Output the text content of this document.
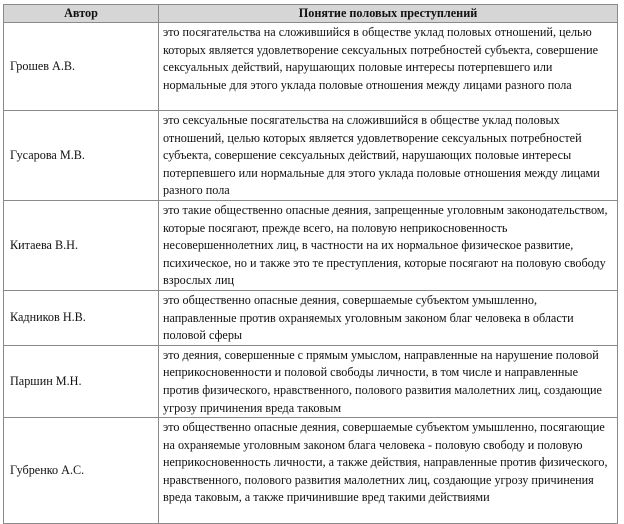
Автор	Понятие половых преступлений
Грошев А.В.	это посягательства на сложившийся в обществе уклад половых отношений, целью которых является удовлетворение сексуальных потребностей субъекта, совершение сексуальных действий, нарушающих половые интересы потерпевшего или нормальные для этого уклада половые отношения между лицами разного пола
Гусарова М.В.	это сексуальные посягательства на сложившийся в обществе уклад половых отношений, целью которых является удовлетворение сексуальных потребностей субъекта, совершение сексуальных действий, нарушающих половые интересы потерпевшего или нормальные для этого уклада половые отношения между лицами разного пола
Китаева В.Н.	это такие общественно опасные деяния, запрещенные уголовным законодательством, которые посягают, прежде всего, на половую неприкосновенность несовершеннолетних лиц, в частности на их нормальное физическое развитие, психическое, но и также это те преступления, которые посягают на половую свободу взрослых лиц
Кадников Н.В.	это общественно опасные деяния, совершаемые субъектом умышленно, направленные против охраняемых уголовным законом благ человека в области половой сферы
Паршин М.Н.	это деяния, совершенные с прямым умыслом, направленные на нарушение половой неприкосновенности и половой свободы личности, в том числе и направленные против физического, нравственного, полового развития малолетних лиц, создающие угрозу причинения вреда таковым
Губренко А.С.	это общественно опасные деяния, совершаемые субъектом умышленно, посягающие на охраняемые уголовным законом блага человека - половую свободу и половую неприкосновенность личности, а также действия, направленные против физического, нравственного, полового развития малолетних лиц, создающие угрозу причинения вреда таковым, а также причинившие вред такими действиями
